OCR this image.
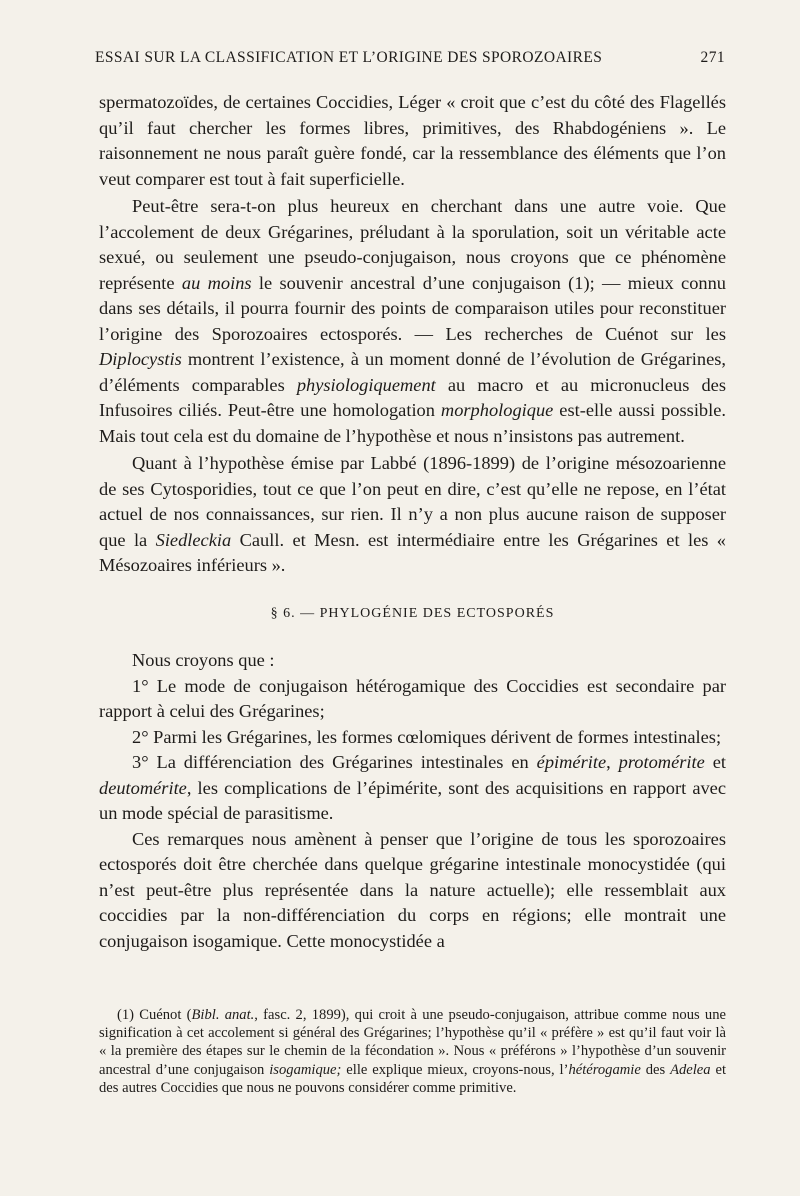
ESSAI SUR LA CLASSIFICATION ET L’ORIGINE DES SPOROZOAIRES	271

spermatozoïdes, de certaines Coccidies, Léger « croit que c’est du côté des Flagellés qu’il faut chercher les formes libres, primitives, des Rhabdogéniens ». Le raisonnement ne nous paraît guère fondé, car la ressemblance des éléments que l’on veut comparer est tout à fait superficielle.

Peut-être sera-t-on plus heureux en cherchant dans une autre voie. Que l’accolement de deux Grégarines, préludant à la sporulation, soit un véritable acte sexué, ou seulement une pseudo-conjugaison, nous croyons que ce phénomène représente au moins le souvenir ancestral d’une conjugaison (1); — mieux connu dans ses détails, il pourra fournir des points de comparaison utiles pour reconstituer l’origine des Sporozoaires ectosporés. — Les recherches de Cuénot sur les Diplocystis montrent l’existence, à un moment donné de l’évolution de Grégarines, d’éléments comparables physiologiquement au macro et au micronucleus des Infusoires ciliés. Peut-être une homologation morphologique est-elle aussi possible. Mais tout cela est du domaine de l’hypothèse et nous n’insistons pas autrement.

Quant à l’hypothèse émise par Labbé (1896-1899) de l’origine mésozoarienne de ses Cytosporidies, tout ce que l’on peut en dire, c’est qu’elle ne repose, en l’état actuel de nos connaissances, sur rien. Il n’y a non plus aucune raison de supposer que la Siedleckia Caull. et Mesn. est intermédiaire entre les Grégarines et les « Mésozoaires inférieurs ».

§ 6. — PHYLOGÉNIE DES ECTOSPORÉS

Nous croyons que :

1° Le mode de conjugaison hétérogamique des Coccidies est secondaire par rapport à celui des Grégarines;

2° Parmi les Grégarines, les formes cœlomiques dérivent de formes intestinales;

3° La différenciation des Grégarines intestinales en épimérite, protomérite et deutomérite, les complications de l’épimérite, sont des acquisitions en rapport avec un mode spécial de parasitisme.

Ces remarques nous amènent à penser que l’origine de tous les sporozoaires ectosporés doit être cherchée dans quelque grégarine intestinale monocystidée (qui n’est peut-être plus représentée dans la nature actuelle); elle ressemblait aux coccidies par la non-différenciation du corps en régions; elle montrait une conjugaison isogamique. Cette monocystidée a

(1) Cuénot (Bibl. anat., fasc. 2, 1899), qui croit à une pseudo-conjugaison, attribue comme nous une signification à cet accolement si général des Grégarines; l’hypothèse qu’il « préfère » est qu’il faut voir là « la première des étapes sur le chemin de la fécondation ». Nous « préférons » l’hypothèse d’un souvenir ancestral d’une conjugaison isogamique; elle explique mieux, croyons-nous, l’hétérogamie des Adelea et des autres Coccidies que nous ne pouvons considérer comme primitive.
